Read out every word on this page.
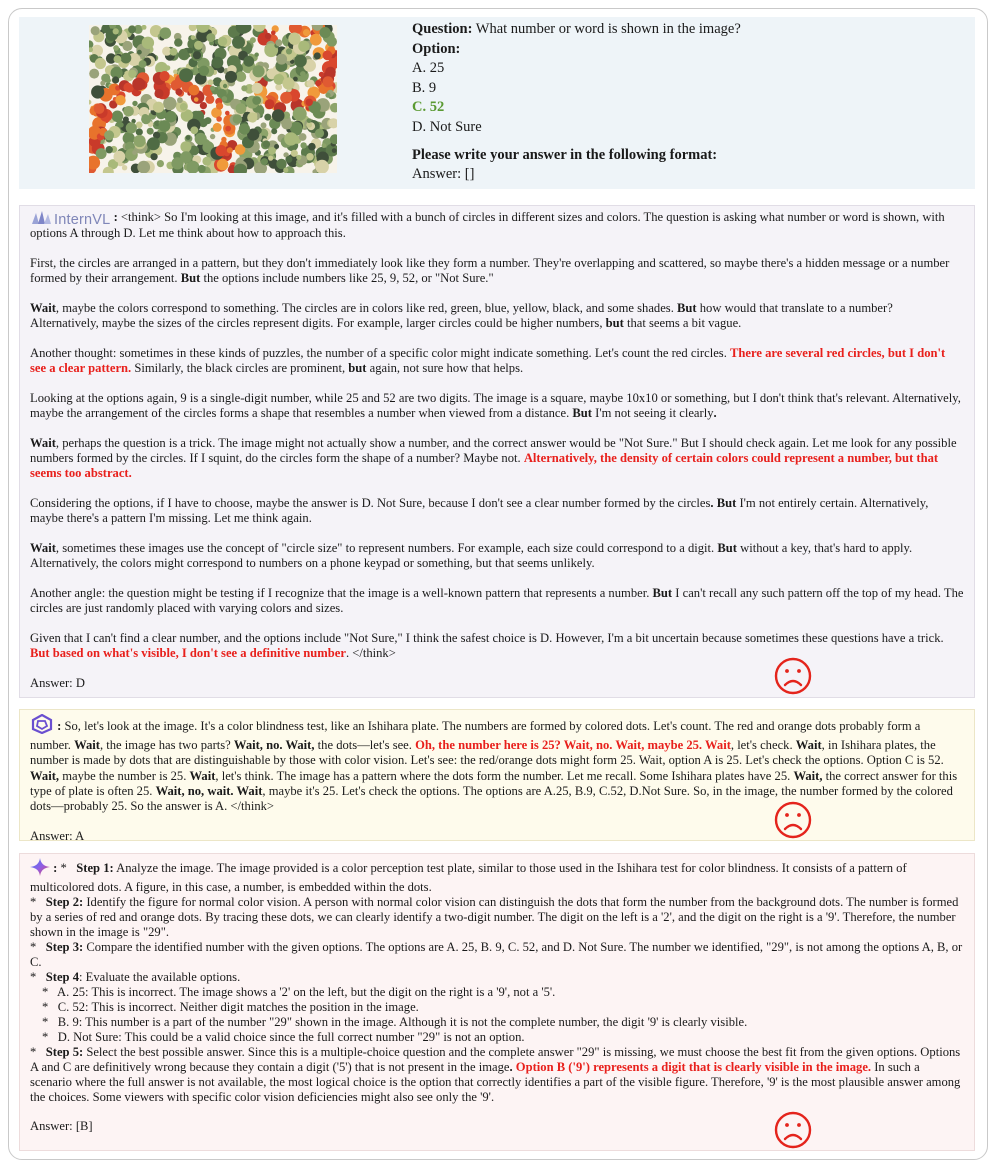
Question: What number or word is shown in the image?
Option:
A. 25
B. 9
C. 52
D. Not Sure
Please write your answer in the following format:
Answer: []

InternVL : <think> So I'm looking at this image, and it's filled with a bunch of circles in different sizes and colors. The question is asking what number or word is shown, with options A through D. Let me think about how to approach this.

First, the circles are arranged in a pattern, but they don't immediately look like they form a number. They're overlapping and scattered, so maybe there's a hidden message or a number formed by their arrangement. But the options include numbers like 25, 9, 52, or "Not Sure."

Wait, maybe the colors correspond to something. The circles are in colors like red, green, blue, yellow, black, and some shades. But how would that translate to a number? Alternatively, maybe the sizes of the circles represent digits. For example, larger circles could be higher numbers, but that seems a bit vague.

Another thought: sometimes in these kinds of puzzles, the number of a specific color might indicate something. Let's count the red circles. There are several red circles, but I don't see a clear pattern. Similarly, the black circles are prominent, but again, not sure how that helps.

Looking at the options again, 9 is a single-digit number, while 25 and 52 are two digits. The image is a square, maybe 10x10 or something, but I don't think that's relevant. Alternatively, maybe the arrangement of the circles forms a shape that resembles a number when viewed from a distance. But I'm not seeing it clearly.

Wait, perhaps the question is a trick. The image might not actually show a number, and the correct answer would be "Not Sure." But I should check again. Let me look for any possible numbers formed by the circles. If I squint, do the circles form the shape of a number? Maybe not. Alternatively, the density of certain colors could represent a number, but that seems too abstract.

Considering the options, if I have to choose, maybe the answer is D. Not Sure, because I don't see a clear number formed by the circles. But I'm not entirely certain. Alternatively, maybe there's a pattern I'm missing. Let me think again.

Wait, sometimes these images use the concept of "circle size" to represent numbers. For example, each size could correspond to a digit. But without a key, that's hard to apply. Alternatively, the colors might correspond to numbers on a phone keypad or something, but that seems unlikely.

Another angle: the question might be testing if I recognize that the image is a well-known pattern that represents a number. But I can't recall any such pattern off the top of my head. The circles are just randomly placed with varying colors and sizes.

Given that I can't find a clear number, and the options include "Not Sure," I think the safest choice is D. However, I'm a bit uncertain because sometimes these questions have a trick. But based on what's visible, I don't see a definitive number. </think>

Answer: D

: So, let's look at the image. It's a color blindness test, like an Ishihara plate. The numbers are formed by colored dots. Let's count. The red and orange dots probably form a number. Wait, the image has two parts? Wait, no. Wait, the dots—let's see. Oh, the number here is 25? Wait, no. Wait, maybe 25. Wait, let's check. Wait, in Ishihara plates, the number is made by dots that are distinguishable by those with color vision. Let's see: the red/orange dots might form 25. Wait, option A is 25. Let's check the options. Option C is 52. Wait, maybe the number is 25. Wait, let's think. The image has a pattern where the dots form the number. Let me recall. Some Ishihara plates have 25. Wait, the correct answer for this type of plate is often 25. Wait, no, wait. Wait, maybe it's 25. Let's check the options. The options are A.25, B.9, C.52, D.Not Sure. So, in the image, the number formed by the colored dots—probably 25. So the answer is A. </think>

Answer: A

: *   Step 1: Analyze the image. The image provided is a color perception test plate, similar to those used in the Ishihara test for color blindness. It consists of a pattern of multicolored dots. A figure, in this case, a number, is embedded within the dots.
*   Step 2: Identify the figure for normal color vision. A person with normal color vision can distinguish the dots that form the number from the background dots. The number is formed by a series of red and orange dots. By tracing these dots, we can clearly identify a two-digit number. The digit on the left is a '2', and the digit on the right is a '9'. Therefore, the number shown in the image is "29".
*   Step 3: Compare the identified number with the given options. The options are A. 25, B. 9, C. 52, and D. Not Sure. The number we identified, "29", is not among the options A, B, or C.
*   Step 4: Evaluate the available options.
*   A. 25: This is incorrect. The image shows a '2' on the left, but the digit on the right is a '9', not a '5'.
*   C. 52: This is incorrect. Neither digit matches the position in the image.
*   B. 9: This number is a part of the number "29" shown in the image. Although it is not the complete number, the digit '9' is clearly visible.
*   D. Not Sure: This could be a valid choice since the full correct number "29" is not an option.
*   Step 5: Select the best possible answer. Since this is a multiple-choice question and the complete answer "29" is missing, we must choose the best fit from the given options. Options A and C are definitively wrong because they contain a digit ('5') that is not present in the image. Option B ('9') represents a digit that is clearly visible in the image. In such a scenario where the full answer is not available, the most logical choice is the option that correctly identifies a part of the visible figure. Therefore, '9' is the most plausible answer among the choices. Some viewers with specific color vision deficiencies might also see only the '9'.

Answer: [B]
